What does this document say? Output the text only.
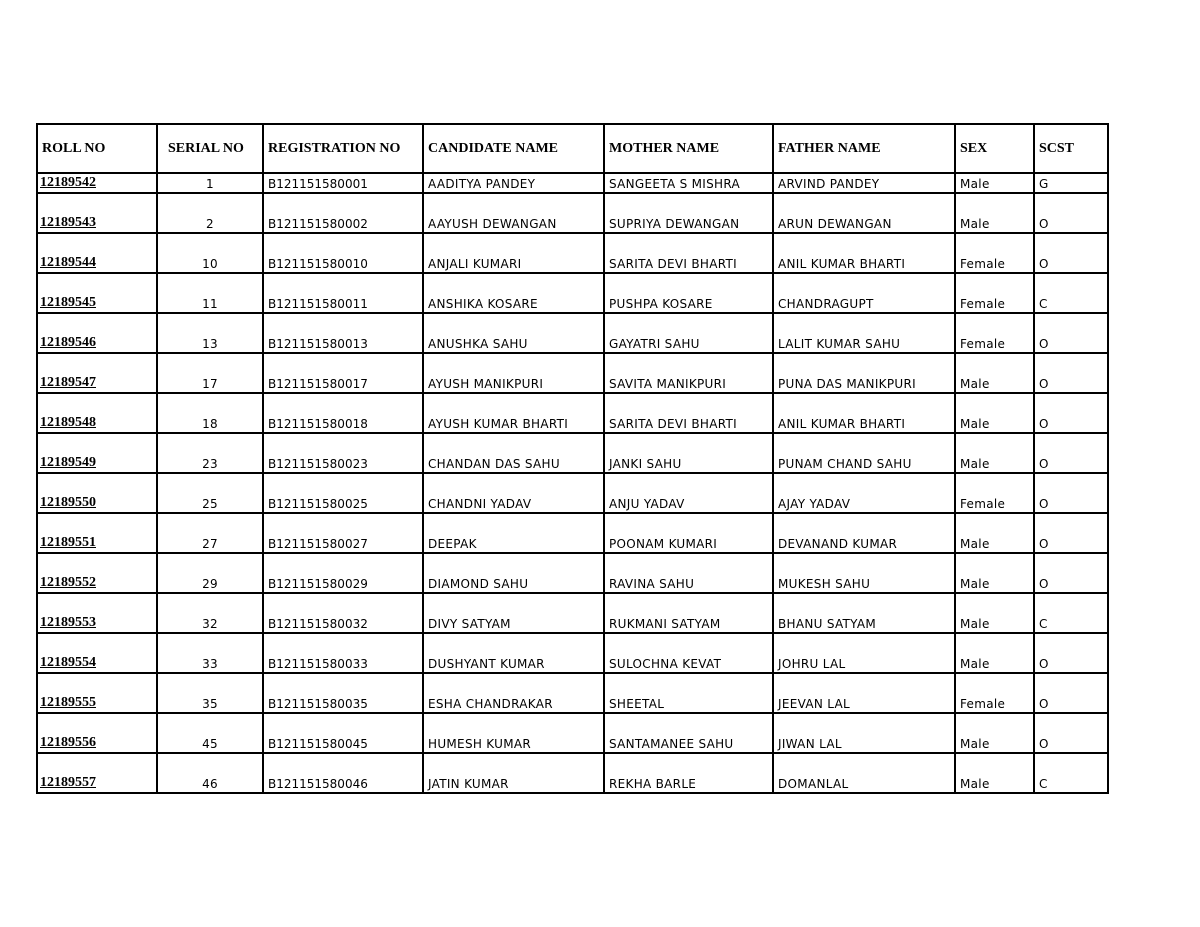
ROLL NO	SERIAL NO	REGISTRATION NO	CANDIDATE NAME	MOTHER NAME	FATHER NAME	SEX	SCST
12189542	1	B121151580001	AADITYA PANDEY	SANGEETA S MISHRA	ARVIND PANDEY	Male	G
12189543	2	B121151580002	AAYUSH DEWANGAN	SUPRIYA DEWANGAN	ARUN DEWANGAN	Male	O
12189544	10	B121151580010	ANJALI KUMARI	SARITA DEVI BHARTI	ANIL KUMAR BHARTI	Female	O
12189545	11	B121151580011	ANSHIKA KOSARE	PUSHPA KOSARE	CHANDRAGUPT	Female	C
12189546	13	B121151580013	ANUSHKA SAHU	GAYATRI SAHU	LALIT KUMAR SAHU	Female	O
12189547	17	B121151580017	AYUSH MANIKPURI	SAVITA MANIKPURI	PUNA DAS MANIKPURI	Male	O
12189548	18	B121151580018	AYUSH KUMAR BHARTI	SARITA DEVI BHARTI	ANIL KUMAR BHARTI	Male	O
12189549	23	B121151580023	CHANDAN DAS SAHU	JANKI SAHU	PUNAM CHAND SAHU	Male	O
12189550	25	B121151580025	CHANDNI YADAV	ANJU YADAV	AJAY YADAV	Female	O
12189551	27	B121151580027	DEEPAK	POONAM KUMARI	DEVANAND KUMAR	Male	O
12189552	29	B121151580029	DIAMOND SAHU	RAVINA SAHU	MUKESH SAHU	Male	O
12189553	32	B121151580032	DIVY SATYAM	RUKMANI SATYAM	BHANU SATYAM	Male	C
12189554	33	B121151580033	DUSHYANT KUMAR	SULOCHNA KEVAT	JOHRU LAL	Male	O
12189555	35	B121151580035	ESHA CHANDRAKAR	SHEETAL	JEEVAN LAL	Female	O
12189556	45	B121151580045	HUMESH KUMAR	SANTAMANEE SAHU	JIWAN LAL	Male	O
12189557	46	B121151580046	JATIN KUMAR	REKHA BARLE	DOMANLAL	Male	C
